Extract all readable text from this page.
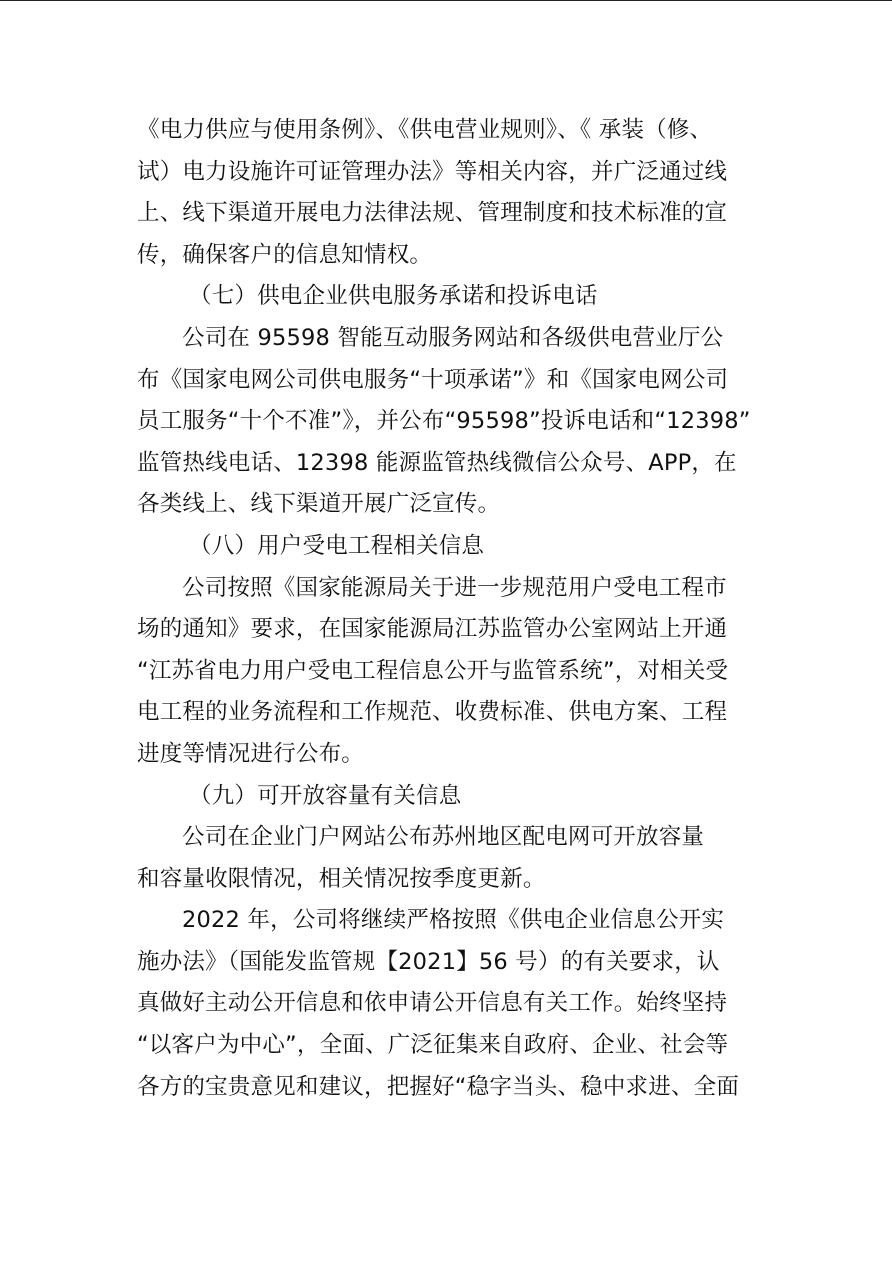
《电力供应与使用条例》、《供电营业规则》、《 承装（修、
试）电力设施许可证管理办法》等相关内容，并广泛通过线
上、线下渠道开展电力法律法规、管理制度和技术标准的宣
传，确保客户的信息知情权。
（七）供电企业供电服务承诺和投诉电话
公司在 95598 智能互动服务网站和各级供电营业厅公
布《国家电网公司供电服务“十项承诺”》和《国家电网公司
员工服务“十个不准”》，并公布“95598”投诉电话和“12398”
监管热线电话、12398 能源监管热线微信公众号、APP，在
各类线上、线下渠道开展广泛宣传。
（八）用户受电工程相关信息
公司按照《国家能源局关于进一步规范用户受电工程市
场的通知》要求，在国家能源局江苏监管办公室网站上开通
“江苏省电力用户受电工程信息公开与监管系统”，对相关受
电工程的业务流程和工作规范、收费标准、供电方案、工程
进度等情况进行公布。
（九）可开放容量有关信息
公司在企业门户网站公布苏州地区配电网可开放容量
和容量收限情况，相关情况按季度更新。
2022 年，公司将继续严格按照《供电企业信息公开实
施办法》（国能发监管规【2021】56 号）的有关要求，认
真做好主动公开信息和依申请公开信息有关工作。始终坚持
“以客户为中心”，全面、广泛征集来自政府、企业、社会等
各方的宝贵意见和建议，把握好“稳字当头、稳中求进、全面
